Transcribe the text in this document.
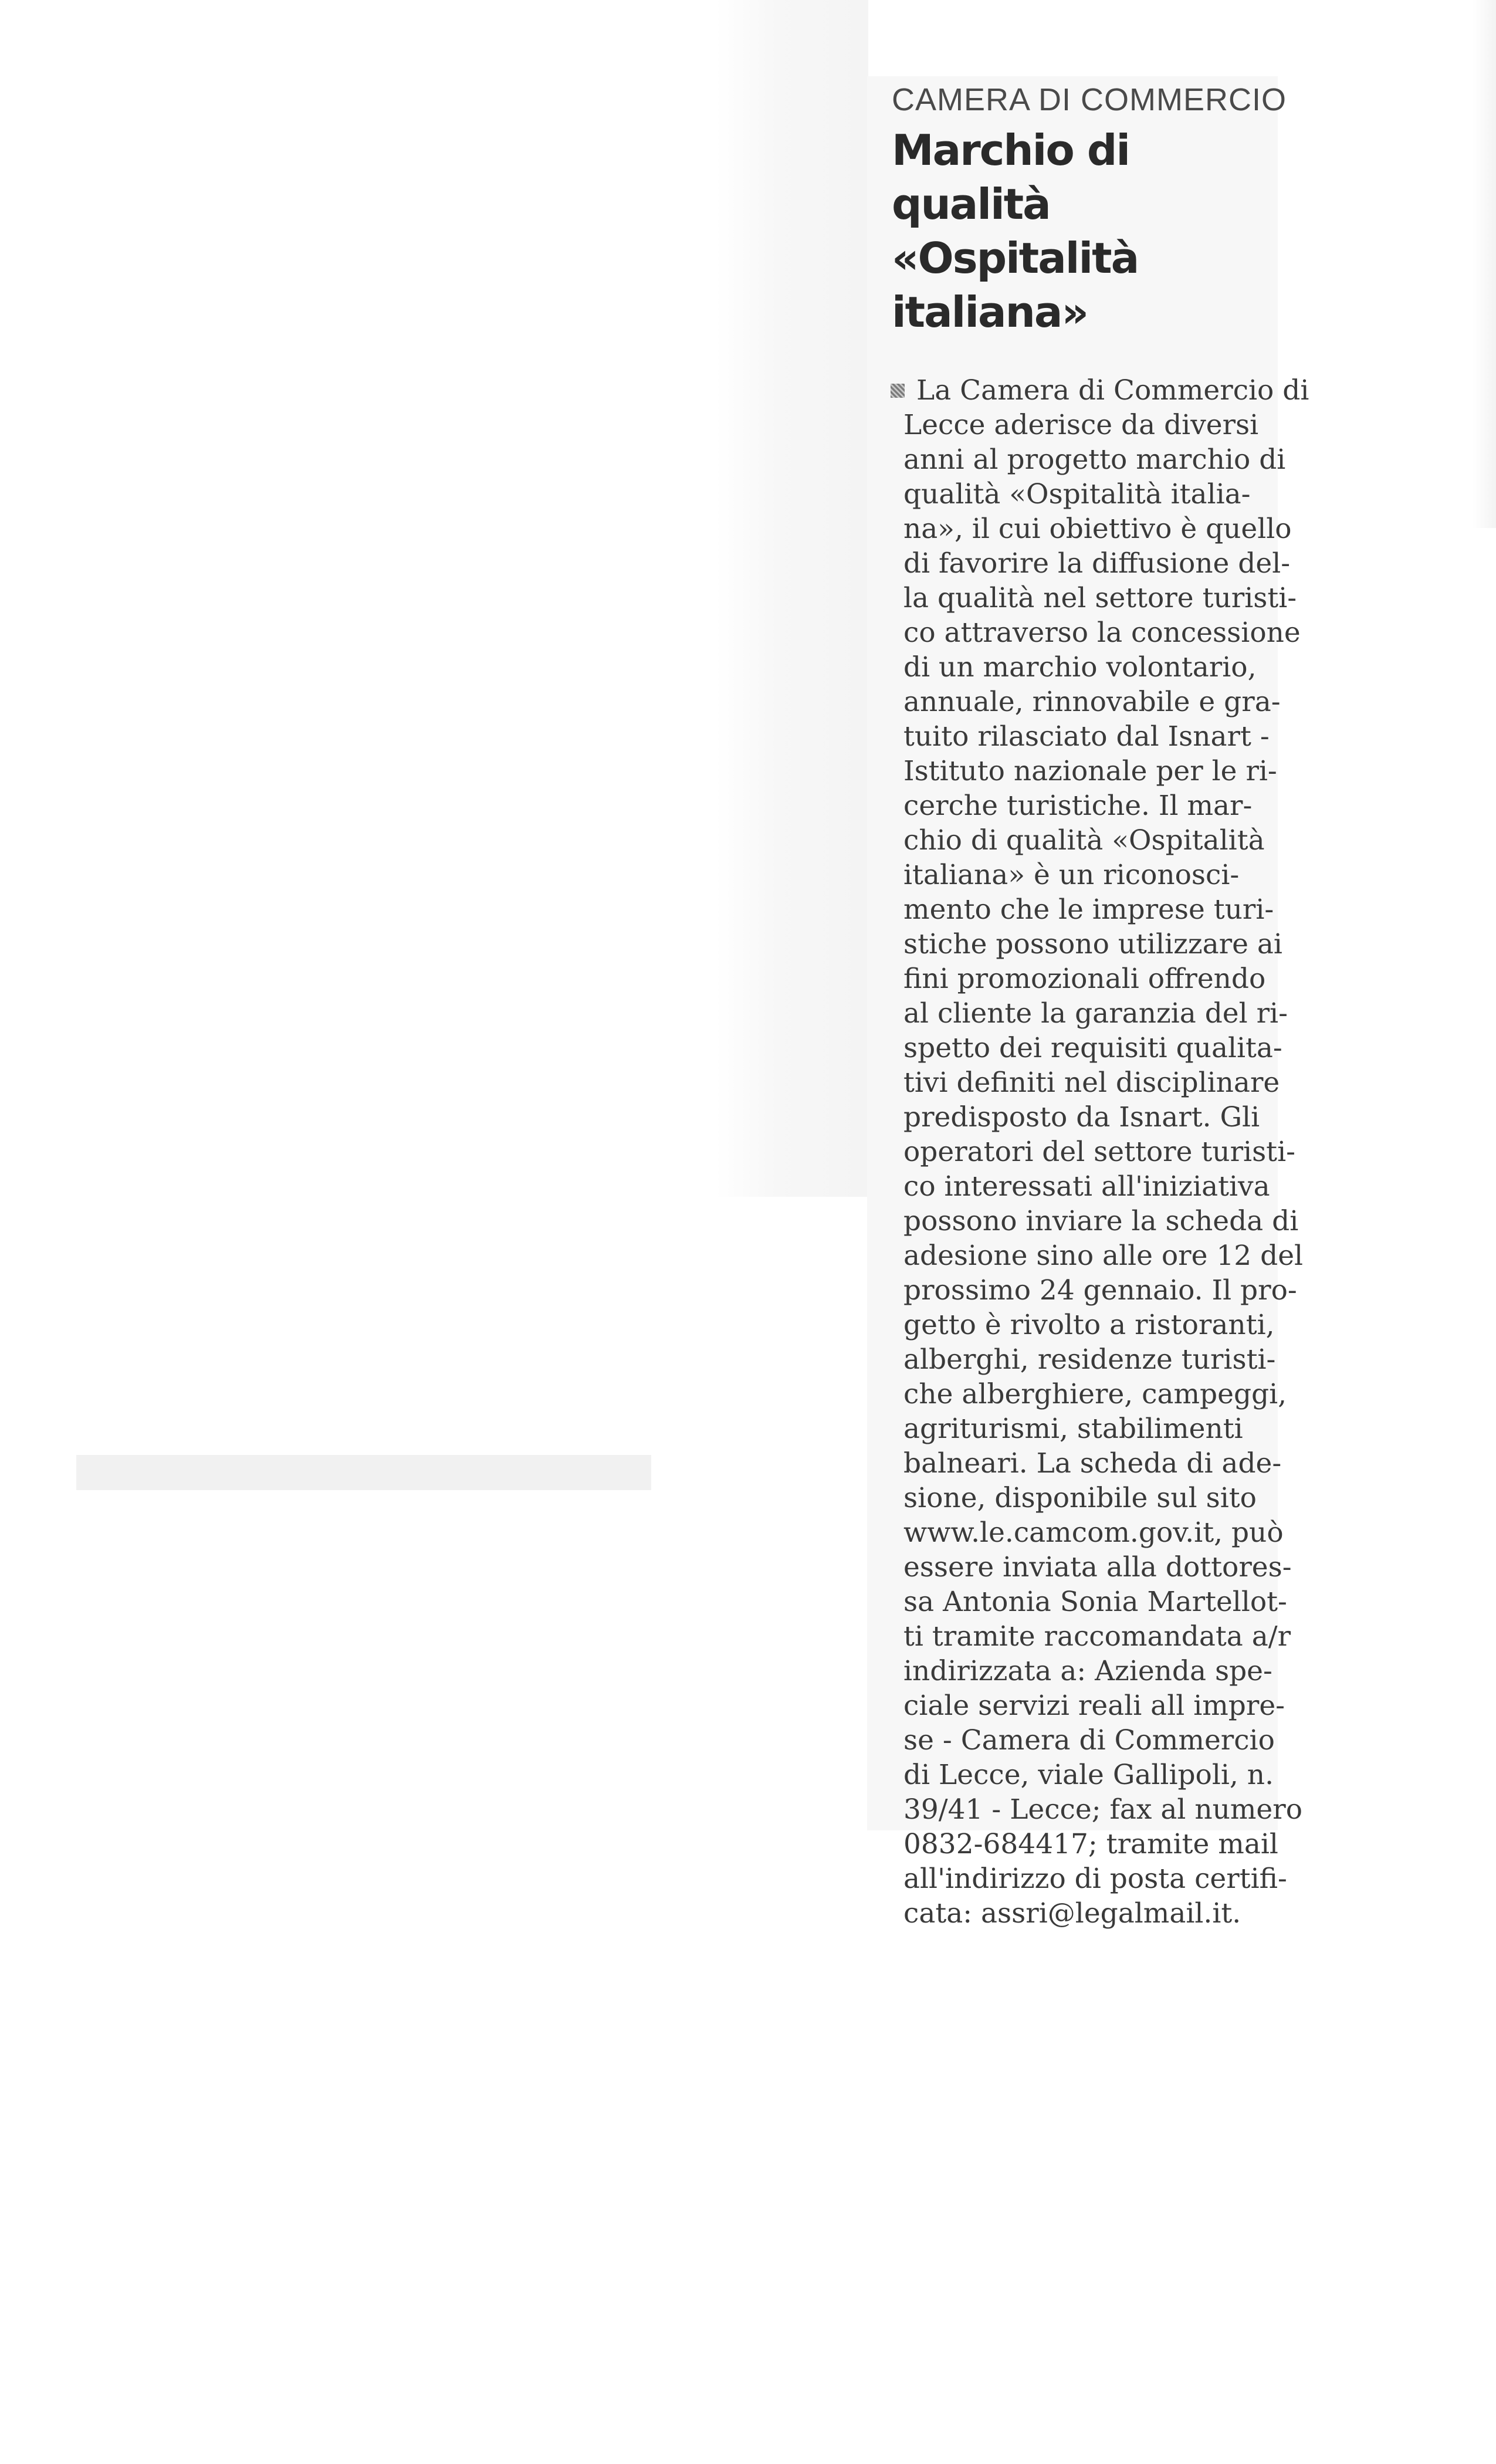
CAMERA DI COMMERCIO
Marchio di qualità
«Ospitalità italiana»
La Camera di Commercio di
Lecce aderisce da diversi
anni al progetto marchio di
qualità «Ospitalità italia-
na», il cui obiettivo è quello
di favorire la diffusione del-
la qualità nel settore turisti-
co attraverso la concessione
di un marchio volontario,
annuale, rinnovabile e gra-
tuito rilasciato dal Isnart -
Istituto nazionale per le ri-
cerche turistiche. Il mar-
chio di qualità «Ospitalità
italiana» è un riconosci-
mento che le imprese turi-
stiche possono utilizzare ai
fini promozionali offrendo
al cliente la garanzia del ri-
spetto dei requisiti qualita-
tivi definiti nel disciplinare
predisposto da Isnart. Gli
operatori del settore turisti-
co interessati all'iniziativa
possono inviare la scheda di
adesione sino alle ore 12 del
prossimo 24 gennaio. Il pro-
getto è rivolto a ristoranti,
alberghi, residenze turisti-
che alberghiere, campeggi,
agriturismi, stabilimenti
balneari. La scheda di ade-
sione, disponibile sul sito
www.le.camcom.gov.it, può
essere inviata alla dottores-
sa Antonia Sonia Martellot-
ti tramite raccomandata a/r
indirizzata a: Azienda spe-
ciale servizi reali all impre-
se - Camera di Commercio
di Lecce, viale Gallipoli, n.
39/41 - Lecce; fax al numero
0832-684417; tramite mail
all'indirizzo di posta certifi-
cata: assri@legalmail.it.
